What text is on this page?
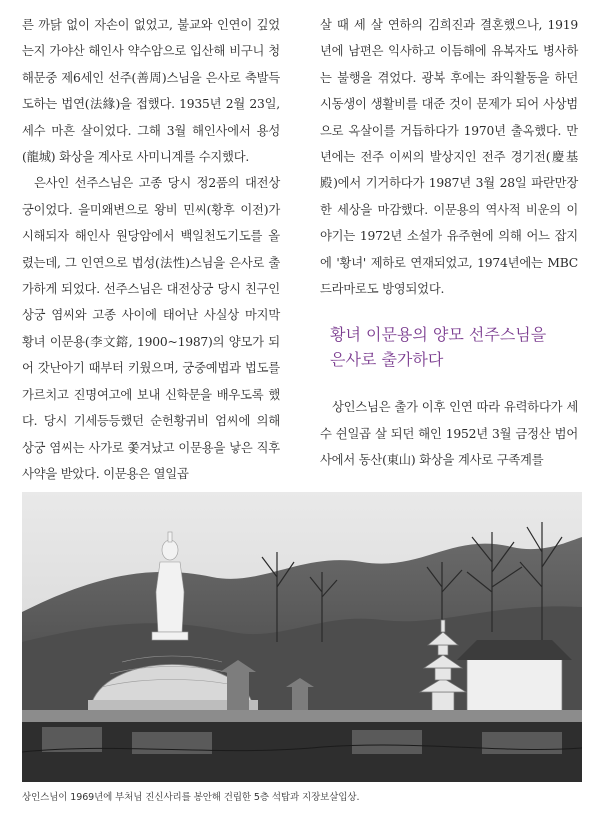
른 까닭 없이 자손이 없었고, 불교와 인연이 깊었는지 가야산 해인사 약수암으로 입산해 비구니 청해문중 제6세인 선주(善周)스님을 은사로 축발득도하는 법연(法緣)을 접했다. 1935년 2월 23일, 세수 마흔 살이었다. 그해 3월 해인사에서 용성(龍城) 화상을 계사로 사미니계를 수지했다.

은사인 선주스님은 고종 당시 정2품의 대전상궁이었다. 을미왜변으로 왕비 민씨(황후 이전)가 시해되자 해인사 원당암에서 백일천도기도를 올렸는데, 그 인연으로 법성(法性)스님을 은사로 출가하게 되었다. 선주스님은 대전상궁 당시 친구인 상궁 염씨와 고종 사이에 태어난 사실상 마지막 황녀 이문용(李文鎔, 1900~1987)의 양모가 되어 갓난아기 때부터 키웠으며, 궁중예법과 법도를 가르치고 진명여고에 보내 신학문을 배우도록 했다. 당시 기세등등했던 순헌황귀비 엄씨에 의해 상궁 염씨는 사가로 쫓겨났고 이문용을 낳은 직후 사약을 받았다. 이문용은 열일곱

살 때 세 살 연하의 김희진과 결혼했으나, 1919년에 남편은 익사하고 이듬해에 유복자도 병사하는 불행을 겪었다. 광복 후에는 좌익활동을 하던 시동생이 생활비를 대준 것이 문제가 되어 사상범으로 옥살이를 거듭하다가 1970년 출옥했다. 만년에는 전주 이씨의 발상지인 전주 경기전(慶基殿)에서 기거하다가 1987년 3월 28일 파란만장한 세상을 마감했다. 이문용의 역사적 비운의 이야기는 1972년 소설가 유주현에 의해 어느 잡지에 '황녀' 제하로 연재되었고, 1974년에는 MBC드라마로도 방영되었다.

황녀 이문용의 양모 선주스님을
은사로 출가하다

상인스님은 출가 이후 인연 따라 유력하다가 세수 쉰일곱 살 되던 해인 1952년 3월 금정산 범어사에서 동산(東山) 화상을 계사로 구족계를

상인스님이 1969년에 부처님 진신사리를 봉안해 건립한 5층 석탑과 지장보살입상.
